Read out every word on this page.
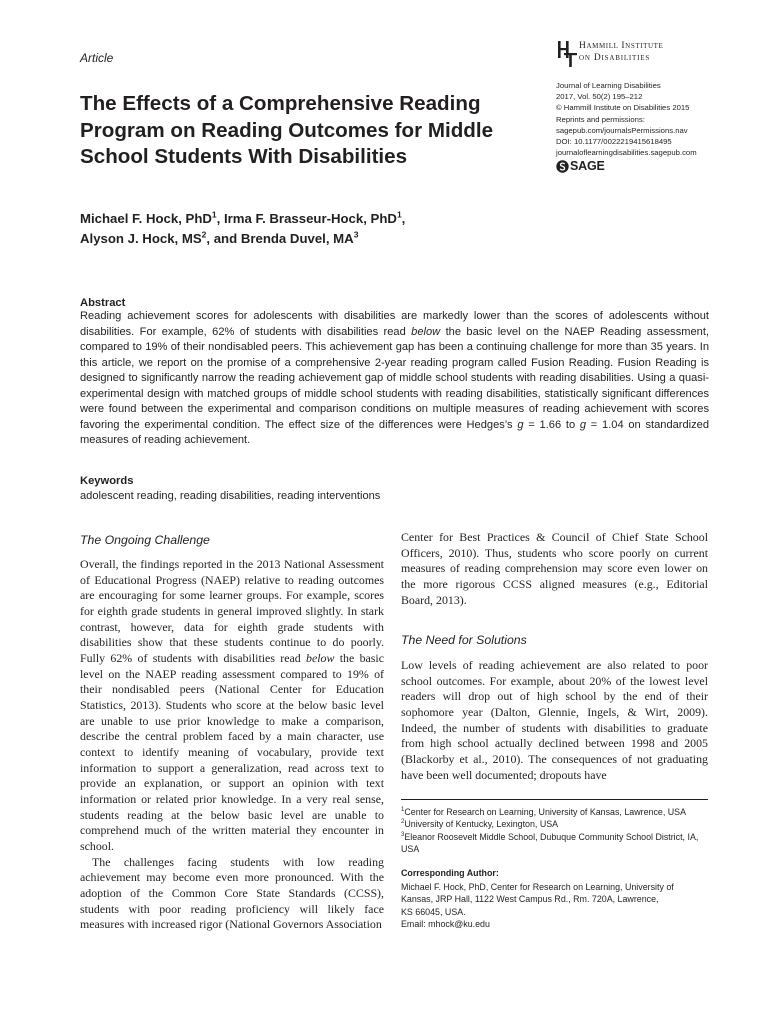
Article
Hammill Institute
on Disabilities
Journal of Learning Disabilities
2017, Vol. 50(2) 195–212
© Hammill Institute on Disabilities 2015
Reprints and permissions:
sagepub.com/journalsPermissions.nav
DOI: 10.1177/0022219415618495
journaloflearningdisabilities.sagepub.com
SAGE
The Effects of a Comprehensive Reading Program on Reading Outcomes for Middle School Students With Disabilities
Michael F. Hock, PhD$^1$, Irma F. Brasseur-Hock, PhD$^1$,
Alyson J. Hock, $MS^2$, and Brenda Duvel, $MA^3$
Abstract
Reading achievement scores for adolescents with disabilities are markedly lower than the scores of adolescents without disabilities. For example, 62% of students with disabilities read below the basic level on the NAEP Reading assessment, compared to 19% of their nondisabled peers. This achievement gap has been a continuing challenge for more than 35 years. In this article, we report on the promise of a comprehensive 2-year reading program called Fusion Reading. Fusion Reading is designed to significantly narrow the reading achievement gap of middle school students with reading disabilities. Using a quasi-experimental design with matched groups of middle school students with reading disabilities, statistically significant differences were found between the experimental and comparison conditions on multiple measures of reading achievement with scores favoring the experimental condition. The effect size of the differences were Hedges’s g = 1.66 to g = 1.04 on standardized measures of reading achievement.
Keywords
adolescent reading, reading disabilities, reading interventions
The Ongoing Challenge

Overall, the findings reported in the 2013 National Assessment of Educational Progress (NAEP) relative to reading outcomes are encouraging for some learner groups. For example, scores for eighth grade students in general improved slightly. In stark contrast, however, data for eighth grade students with disabilities show that these students continue to do poorly. Fully 62% of students with disabilities read below the basic level on the NAEP reading assessment compared to 19% of their nondisabled peers (National Center for Education Statistics, 2013). Students who score at the below basic level are unable to use prior knowledge to make a comparison, describe the central problem faced by a main character, use context to identify meaning of vocabulary, provide text information to support a generalization, read across text to provide an explanation, or support an opinion with text information or related prior knowledge. In a very real sense, students reading at the below basic level are unable to comprehend much of the written material they encounter in school.

The challenges facing students with low reading achievement may become even more pronounced. With the adoption of the Common Core State Standards (CCSS), students with poor reading proficiency will likely face measures with increased rigor (National Governors Association

Center for Best Practices & Council of Chief State School Officers, 2010). Thus, students who score poorly on current measures of reading comprehension may score even lower on the more rigorous CCSS aligned measures (e.g., Editorial Board, 2013).

The Need for Solutions

Low levels of reading achievement are also related to poor school outcomes. For example, about 20% of the lowest level readers will drop out of high school by the end of their sophomore year (Dalton, Glennie, Ingels, & Wirt, 2009). Indeed, the number of students with disabilities to graduate from high school actually declined between 1998 and 2005 (Blackorby et al., 2010). The consequences of not graduating have been well documented; dropouts have

$^1$Center for Research on Learning, University of Kansas, Lawrence, USA
$^2$University of Kentucky, Lexington, USA
$^3$Eleanor Roosevelt Middle School, Dubuque Community School District, IA, USA
Corresponding Author:
Michael F. Hock, PhD, Center for Research on Learning, University of
Kansas, JRP Hall, 1122 West Campus Rd., Rm. 720A, Lawrence,
KS 66045, USA.
Email: mhock@ku.edu
